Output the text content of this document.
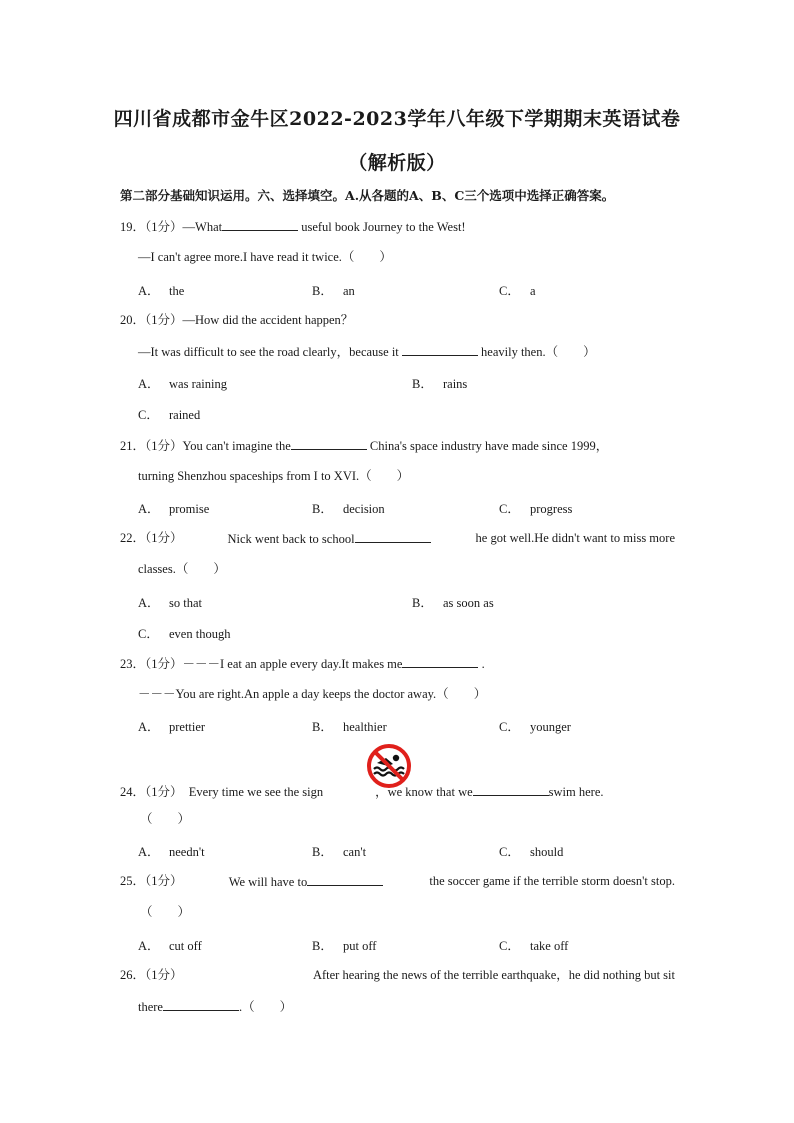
四川省成都市金牛区2022-2023学年八年级下学期期末英语试卷
（解析版）
第二部分基础知识运用。六、选择填空。A.从各题的A、B、C三个选项中选择正确答案。
19．（1分）—What	useful book Journey to the West!
—I can't agree more.I have read it twice.（　　）
A． the	B． an	C． a
20．（1分）—How did the accident happen？
—It was difficult to see the road clearly，because it	heavily then.（　　）
A． was raining	B． rains
C． rained
21．（1分）You can't imagine the	China's space industry have made since 1999，
turning Shenzhou spaceships from I to XVI.（　　）
A． promise	B． decision	C． progress
22．（1分）	Nick went back to school	he got well.He didn't want to miss more
classes.（　　）
A． so that	B． as soon as
C． even though
23．（1分）－－－I eat an apple every day.It makes me	.
－－－You are right.An apple a day keeps the doctor away.（　　）
A． prettier	B． healthier	C． younger
24．（1分） Every time we see the sign	，we know that we	swim here.
（　　）
A． needn't	B． can't	C． should
25．（1分）	We will have to	the soccer game if the terrible storm doesn't stop.
（　　）
A． cut off	B． put off	C． take off
26．（1分）	After hearing the news of the terrible earthquake，he did nothing but sit
there	.（　　）
